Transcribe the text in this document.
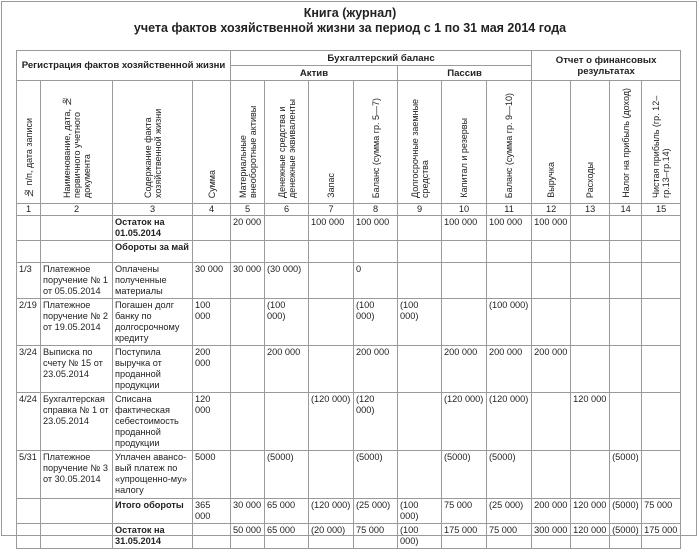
Книга (журнал)
учета фактов хозяйственной жизни за период с 1 по 31 мая 2014 года
Регистрация фактов хозяйственной жизни				Бухгалтерский баланс							Отчет о финансовых результатах			
				Актив				Пассив						
№ п/п, дата записи	Наименование, дата, № первичного учетного документа	Содержание факта хозяйственной жизни	Сумма	Материальные внеоборотные активы	Денежные средства и денежные эквиваленты	Запас	Баланс (сумма гр. 5—7)	Долгосрочные заемные средства	Капитал и резервы	Баланс (сумма гр. 9—10)	Выручка	Расходы	Налог на прибыль (доход)	Чистая прибыль (гр. 12–гр.13–гр.14)
1	2	3	4	5	6	7	8	9	10	11	12	13	14	15
		Остаток на 01.05.2014		20 000		100 000	100 000		100 000	100 000	100 000			
		Обороты за май												
1/3	Платежное поручение № 1 от 05.05.2014	Оплачены полученные материалы	30 000	30 000	(30 000)		0							
2/19	Платежное поручение № 2 от 19.05.2014	Погашен долг банку по долгосрочному кредиту	100 000		(100 000)		(100 000)	(100 000)		(100 000)				
3/24	Выписка по счету № 15 от 23.05.2014	Поступила выручка от проданной продукции	200 000		200 000		200 000		200 000	200 000	200 000			
4/24	Бухгалтерская справка № 1 от 23.05.2014	Списана фактическая себестоимость проданной продукции	120 000			(120 000)	(120 000)		(120 000)	(120 000)		120 000		
5/31	Платежное поручение № 3 от 30.05.2014	Уплачен авансо-вый платеж по «упрощенно-му» налогу	5000		(5000)		(5000)		(5000)	(5000)			(5000)	
		Итого обороты	365 000	30 000	65 000	(120 000)	(25 000)	(100 000)	75 000	(25 000)	200 000	120 000	(5000)	75 000
		Остаток на 31.05.2014		50 000	65 000	(20 000)	75 000	(100 000)	175 000	75 000	300 000	120 000	(5000)	175 000
